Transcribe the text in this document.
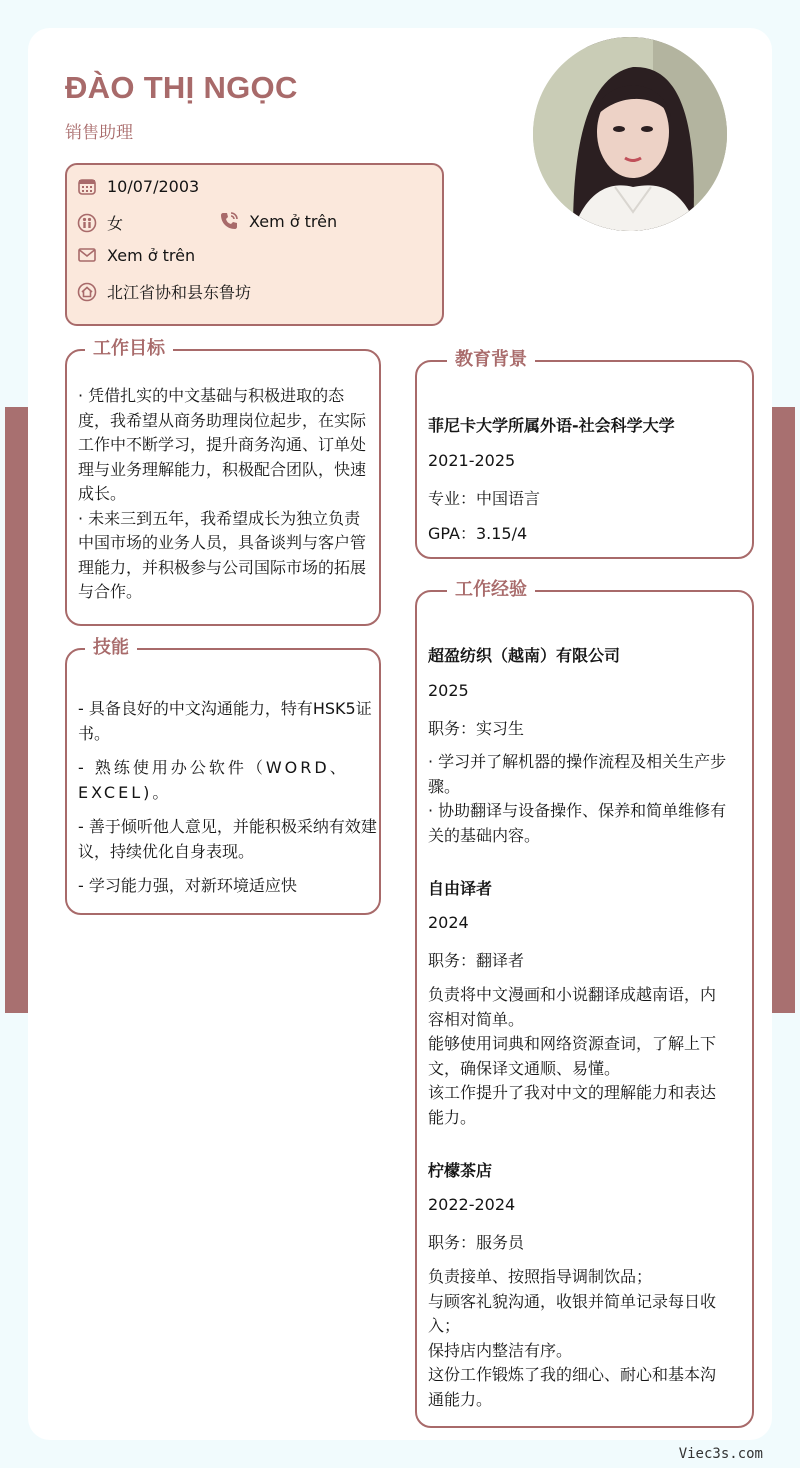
ĐÀO THỊ NGỌC
销售助理
10/07/2003
女	Xem ở trên
Xem ở trên
北江省协和县东鲁坊
工作目标
· 凭借扎实的中文基础与积极进取的态度，我希望从商务助理岗位起步，在实际工作中不断学习，提升商务沟通、订单处理与业务理解能力，积极配合团队，快速成长。
· 未来三到五年，我希望成长为独立负责中国市场的业务人员，具备谈判与客户管理能力，并积极参与公司国际市场的拓展与合作。
技能
- 具备良好的中文沟通能力，特有HSK5证书。
- 熟练使用办公软件（WORD、EXCEL)。
- 善于倾听他人意见，并能积极采纳有效建议，持续优化自身表现。
- 学习能力强，对新环境适应快
教育背景
菲尼卡大学所属外语-社会科学大学
2021-2025
专业：中国语言
GPA：3.15/4
工作经验
超盈纺织（越南）有限公司
2025
职务：实习生
· 学习并了解机器的操作流程及相关生产步骤。
· 协助翻译与设备操作、保养和简单维修有关的基础内容。
自由译者
2024
职务：翻译者
负责将中文漫画和小说翻译成越南语，内容相对简单。
能够使用词典和网络资源查词，了解上下文，确保译文通顺、易懂。
该工作提升了我对中文的理解能力和表达能力。
柠檬茶店
2022-2024
职务：服务员
负责接单、按照指导调制饮品；
与顾客礼貌沟通，收银并简单记录每日收入；
保持店内整洁有序。
这份工作锻炼了我的细心、耐心和基本沟通能力。
Viec3s.com
